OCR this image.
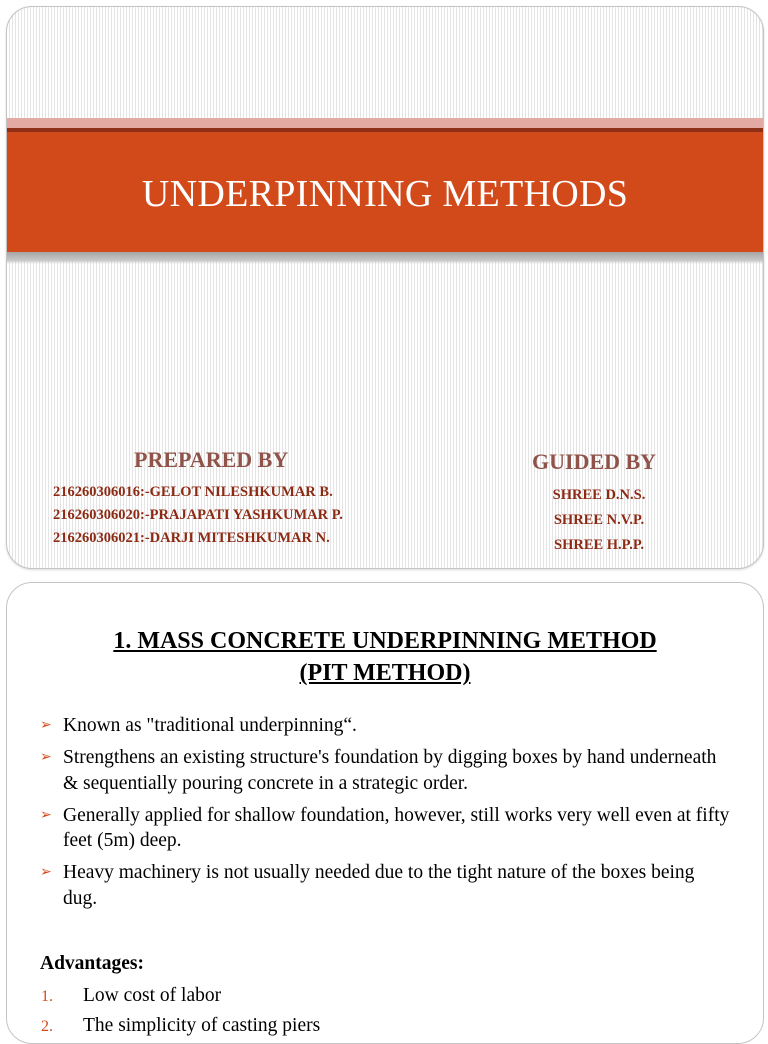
UNDERPINNING METHODS
PREPARED BY
216260306016:-GELOT NILESHKUMAR B.
216260306020:-PRAJAPATI YASHKUMAR P.
216260306021:-DARJI MITESHKUMAR N.
GUIDED BY
SHREE D.N.S.
SHREE N.V.P.
SHREE H.P.P.
1. MASS CONCRETE UNDERPINNING METHOD
(PIT METHOD)
➢ Known as "traditional underpinning“.
➢ Strengthens an existing structure's foundation by digging boxes by hand underneath & sequentially pouring concrete in a strategic order.
➢ Generally applied for shallow foundation, however, still works very well even at fifty feet (5m) deep.
➢ Heavy machinery is not usually needed due to the tight nature of the boxes being dug.

Advantages:

1. Low cost of labor
2. The simplicity of casting piers
